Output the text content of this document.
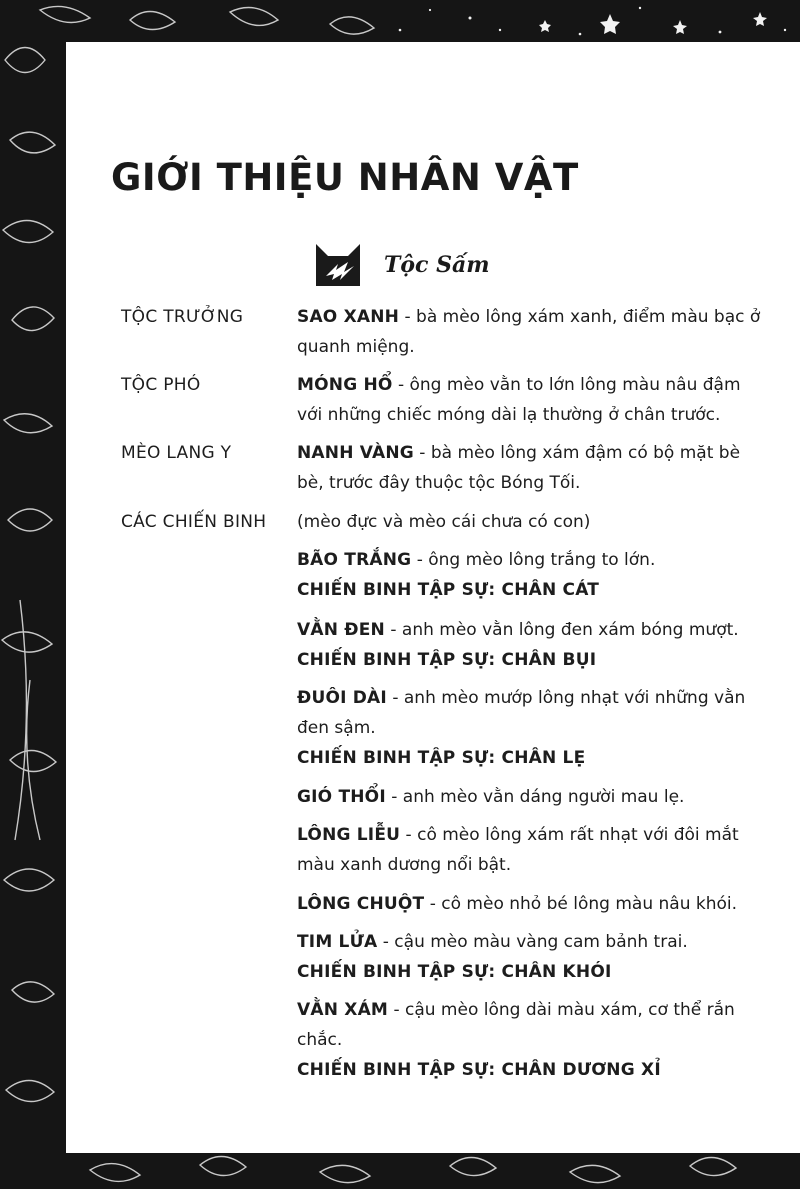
GIỚI THIỆU NHÂN VẬT
Tộc Sấm
TỘC TRƯỞNG	SAO XANH - bà mèo lông xám xanh, điểm màu bạc ở quanh miệng.
TỘC PHÓ	MÓNG HỔ - ông mèo vằn to lớn lông màu nâu đậm với những chiếc móng dài lạ thường ở chân trước.
MÈO LANG Y	NANH VÀNG - bà mèo lông xám đậm có bộ mặt bè bè, trước đây thuộc tộc Bóng Tối.
CÁC CHIẾN BINH	(mèo đực và mèo cái chưa có con)
BÃO TRẮNG - ông mèo lông trắng to lớn.
CHIẾN BINH TẬP SỰ: CHÂN CÁT
VẰN ĐEN - anh mèo vằn lông đen xám bóng mượt.
CHIẾN BINH TẬP SỰ: CHÂN BỤI
ĐUÔI DÀI - anh mèo mướp lông nhạt với những vằn đen sậm.
CHIẾN BINH TẬP SỰ: CHÂN LẸ
GIÓ THỔI - anh mèo vằn dáng người mau lẹ.
LÔNG LIỄU - cô mèo lông xám rất nhạt với đôi mắt màu xanh dương nổi bật.
LÔNG CHUỘT - cô mèo nhỏ bé lông màu nâu khói.
TIM LỬA - cậu mèo màu vàng cam bảnh trai.
CHIẾN BINH TẬP SỰ: CHÂN KHÓI
VẰN XÁM - cậu mèo lông dài màu xám, cơ thể rắn chắc.
CHIẾN BINH TẬP SỰ: CHÂN DƯƠNG XỈ
